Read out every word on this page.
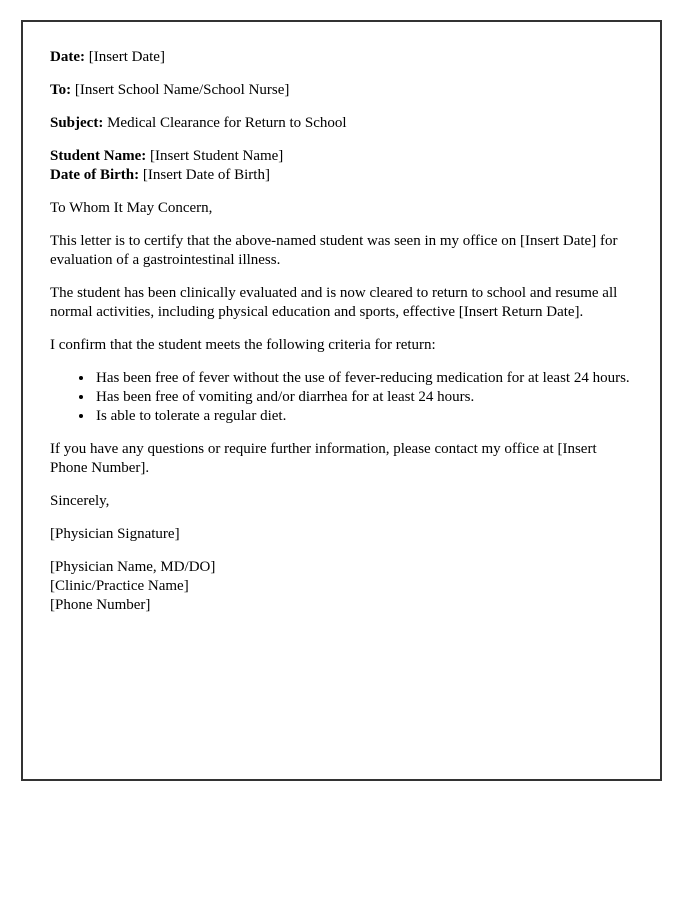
Date: [Insert Date]

To: [Insert School Name/School Nurse]

Subject: Medical Clearance for Return to School

Student Name: [Insert Student Name]
Date of Birth: [Insert Date of Birth]

To Whom It May Concern,

This letter is to certify that the above-named student was seen in my office on [Insert Date] for evaluation of a gastrointestinal illness.

The student has been clinically evaluated and is now cleared to return to school and resume all normal activities, including physical education and sports, effective [Insert Return Date].

I confirm that the student meets the following criteria for return:

• Has been free of fever without the use of fever-reducing medication for at least 24 hours.
• Has been free of vomiting and/or diarrhea for at least 24 hours.
• Is able to tolerate a regular diet.

If you have any questions or require further information, please contact my office at [Insert Phone Number].

Sincerely,

[Physician Signature]

[Physician Name, MD/DO]
[Clinic/Practice Name]
[Phone Number]
